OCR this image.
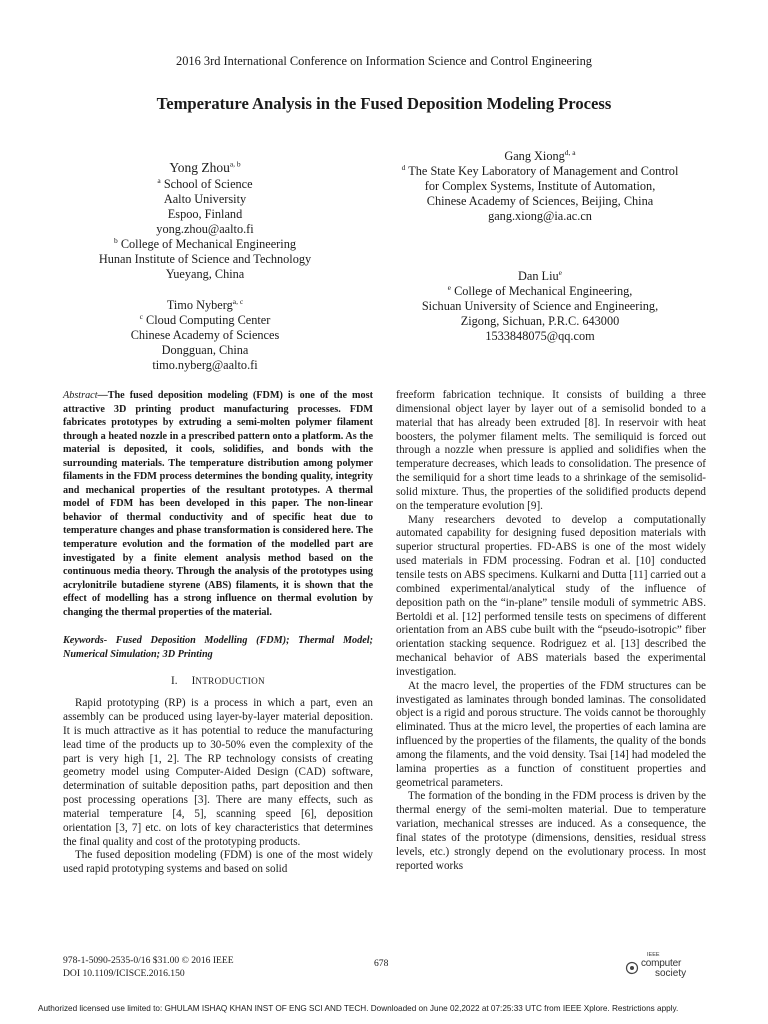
2016 3rd International Conference on Information Science and Control Engineering
Temperature Analysis in the Fused Deposition Modeling Process
Yong Zhou$^{a, b}$
$^a$ School of Science
Aalto University
Espoo, Finland
yong.zhou@aalto.fi
$^b$ College of Mechanical Engineering
Hunan Institute of Science and Technology
Yueyang, China
Timo Nyberg$^{a, c}$
$^c$ Cloud Computing Center
Chinese Academy of Sciences
Dongguan, China
timo.nyberg@aalto.fi
Gang Xiong$^{d, a}$
$^d$ The State Key Laboratory of Management and Control
for Complex Systems, Institute of Automation,
Chinese Academy of Sciences, Beijing, China
gang.xiong@ia.ac.cn
Dan Liu$^e$
$^e$ College of Mechanical Engineering,
Sichuan University of Science and Engineering,
Zigong, Sichuan, P.R.C. 643000
1533848075@qq.com

Abstract—The fused deposition modeling (FDM) is one of the most attractive 3D printing product manufacturing processes. FDM fabricates prototypes by extruding a semi-molten polymer filament through a heated nozzle in a prescribed pattern onto a platform. As the material is deposited, it cools, solidifies, and bonds with the surrounding materials. The temperature distribution among polymer filaments in the FDM process determines the bonding quality, integrity and mechanical properties of the resultant prototypes. A thermal model of FDM has been developed in this paper. The non-linear behavior of thermal conductivity and of specific heat due to temperature changes and phase transformation is considered here. The temperature evolution and the formation of the modelled part are investigated by a finite element analysis method based on the continuous media theory. Through the analysis of the prototypes using acrylonitrile butadiene styrene (ABS) filaments, it is shown that the effect of modelling has a strong influence on thermal evolution by changing the thermal properties of the material.

Keywords- Fused Deposition Modelling (FDM); Thermal Model; Numerical Simulation; 3D Printing

I. INTRODUCTION

Rapid prototyping (RP) is a process in which a part, even an assembly can be produced using layer-by-layer material deposition. It is much attractive as it has potential to reduce the manufacturing lead time of the products up to 30-50% even the complexity of the part is very high [1, 2]. The RP technology consists of creating geometry model using Computer-Aided Design (CAD) software, determination of suitable deposition paths, part deposition and then post processing operations [3]. There are many effects, such as material temperature [4, 5], scanning speed [6], deposition orientation [3, 7] etc. on lots of key characteristics that determines the final quality and cost of the prototyping products.

The fused deposition modeling (FDM) is one of the most widely used rapid prototyping systems and based on solid

freeform fabrication technique. It consists of building a three dimensional object layer by layer out of a semisolid bonded to a material that has already been extruded [8]. In reservoir with heat boosters, the polymer filament melts. The semiliquid is forced out through a nozzle when pressure is applied and solidifies when the temperature decreases, which leads to consolidation. The presence of the semiliquid for a short time leads to a shrinkage of the semisolid-solid mixture. Thus, the properties of the solidified products depend on the temperature evolution [9].

Many researchers devoted to develop a computationally automated capability for designing fused deposition materials with superior structural properties. FD-ABS is one of the most widely used materials in FDM processing. Fodran et al. [10] conducted tensile tests on ABS specimens. Kulkarni and Dutta [11] carried out a combined experimental/analytical study of the influence of deposition path on the “in-plane” tensile moduli of symmetric ABS. Bertoldi et al. [12] performed tensile tests on specimens of different orientation from an ABS cube built with the “pseudo-isotropic” fiber orientation stacking sequence. Rodriguez et al. [13] described the mechanical behavior of ABS materials based the experimental investigation.

At the macro level, the properties of the FDM structures can be investigated as laminates through bonded laminas. The consolidated object is a rigid and porous structure. The voids cannot be thoroughly eliminated. Thus at the micro level, the properties of each lamina are influenced by the properties of the filaments, the quality of the bonds among the filaments, and the void density. Tsai [14] had modeled the lamina properties as a function of constituent properties and geometrical parameters.

The formation of the bonding in the FDM process is driven by the thermal energy of the semi-molten material. Due to temperature variation, mechanical stresses are induced. As a consequence, the final states of the prototype (dimensions, densities, residual stress levels, etc.) strongly depend on the evolutionary process. In most reported works

978-1-5090-2535-0/16 $31.00 © 2016 IEEE
DOI 10.1109/ICISCE.2016.150
678
IEEE
computer
society
Authorized licensed use limited to: GHULAM ISHAQ KHAN INST OF ENG SCI AND TECH. Downloaded on June 02,2022 at 07:25:33 UTC from IEEE Xplore. Restrictions apply.
